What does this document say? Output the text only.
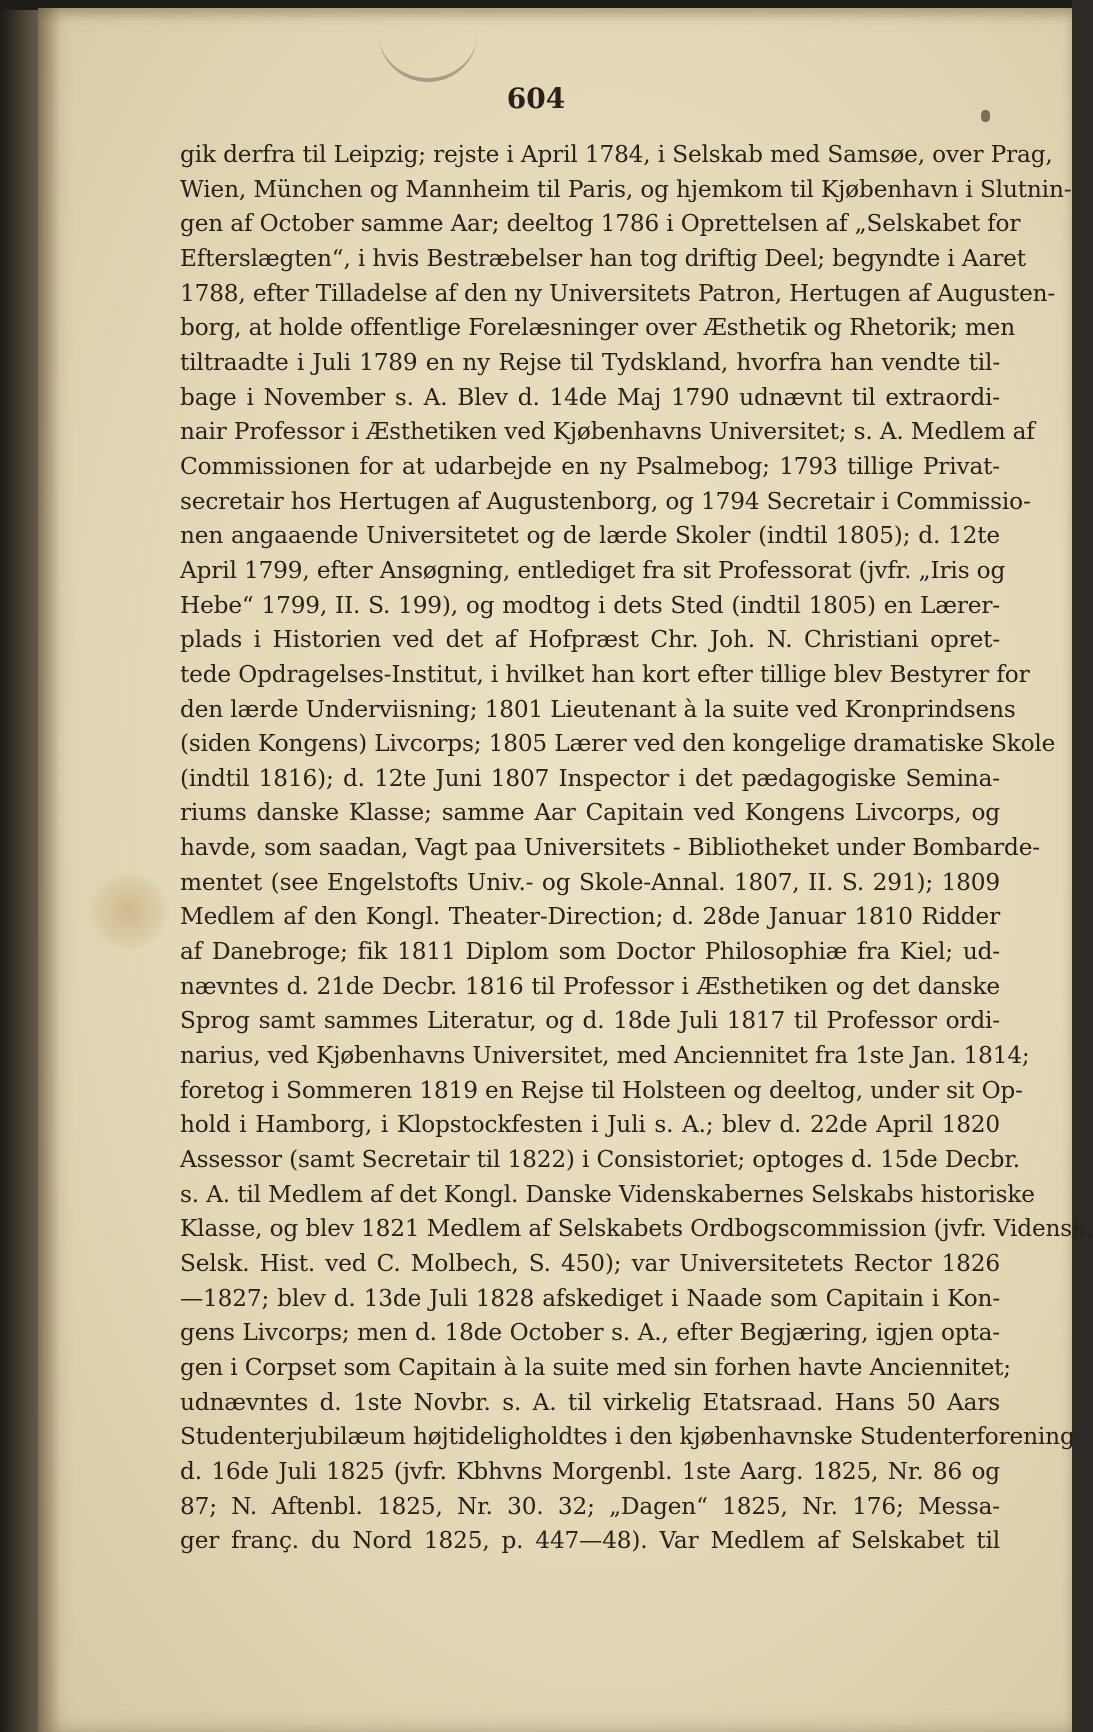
604
gik derfra til Leipzig; rejste i April 1784, i Selskab med Samsøe, over Prag,
Wien, München og Mannheim til Paris, og hjemkom til Kjøbenhavn i Slutnin-
gen af October samme Aar; deeltog 1786 i Oprettelsen af „Selskabet for
Efterslægten“, i hvis Bestræbelser han tog driftig Deel; begyndte i Aaret
1788, efter Tilladelse af den ny Universitets Patron, Hertugen af Augusten-
borg, at holde offentlige Forelæsninger over Æsthetik og Rhetorik; men
tiltraadte i Juli 1789 en ny Rejse til Tydskland, hvorfra han vendte til-
bage i November s. A. Blev d. 14de Maj 1790 udnævnt til extraordi-
nair Professor i Æsthetiken ved Kjøbenhavns Universitet; s. A. Medlem af
Commissionen for at udarbejde en ny Psalmebog; 1793 tillige Privat-
secretair hos Hertugen af Augustenborg, og 1794 Secretair i Commissio-
nen angaaende Universitetet og de lærde Skoler (indtil 1805); d. 12te
April 1799, efter Ansøgning, entlediget fra sit Professorat (jvfr. „Iris og
Hebe“ 1799, II. S. 199), og modtog i dets Sted (indtil 1805) en Lærer-
plads i Historien ved det af Hofpræst Chr. Joh. N. Christiani opret-
tede Opdragelses-Institut, i hvilket han kort efter tillige blev Bestyrer for
den lærde Underviisning; 1801 Lieutenant à la suite ved Kronprindsens
(siden Kongens) Livcorps; 1805 Lærer ved den kongelige dramatiske Skole
(indtil 1816); d. 12te Juni 1807 Inspector i det pædagogiske Semina-
riums danske Klasse; samme Aar Capitain ved Kongens Livcorps, og
havde, som saadan, Vagt paa Universitets - Bibliotheket under Bombarde-
mentet (see Engelstofts Univ.- og Skole-Annal. 1807, II. S. 291); 1809
Medlem af den Kongl. Theater-Direction; d. 28de Januar 1810 Ridder
af Danebroge; fik 1811 Diplom som Doctor Philosophiæ fra Kiel; ud-
nævntes d. 21de Decbr. 1816 til Professor i Æsthetiken og det danske
Sprog samt sammes Literatur, og d. 18de Juli 1817 til Professor ordi-
narius, ved Kjøbenhavns Universitet, med Anciennitet fra 1ste Jan. 1814;
foretog i Sommeren 1819 en Rejse til Holsteen og deeltog, under sit Op-
hold i Hamborg, i Klopstockfesten i Juli s. A.; blev d. 22de April 1820
Assessor (samt Secretair til 1822) i Consistoriet; optoges d. 15de Decbr.
s. A. til Medlem af det Kongl. Danske Videnskabernes Selskabs historiske
Klasse, og blev 1821 Medlem af Selskabets Ordbogscommission (jvfr. Vidensk.
Selsk. Hist. ved C. Molbech, S. 450); var Universitetets Rector 1826
—1827; blev d. 13de Juli 1828 afskediget i Naade som Capitain i Kon-
gens Livcorps; men d. 18de October s. A., efter Begjæring, igjen opta-
gen i Corpset som Capitain à la suite med sin forhen havte Anciennitet;
udnævntes d. 1ste Novbr. s. A. til virkelig Etatsraad. Hans 50 Aars
Studenterjubilæum højtideligholdtes i den kjøbenhavnske Studenterforening
d. 16de Juli 1825 (jvfr. Kbhvns Morgenbl. 1ste Aarg. 1825, Nr. 86 og
87; N. Aftenbl. 1825, Nr. 30. 32; „Dagen“ 1825, Nr. 176; Messa-
ger franç. du Nord 1825, p. 447—48). Var Medlem af Selskabet til
